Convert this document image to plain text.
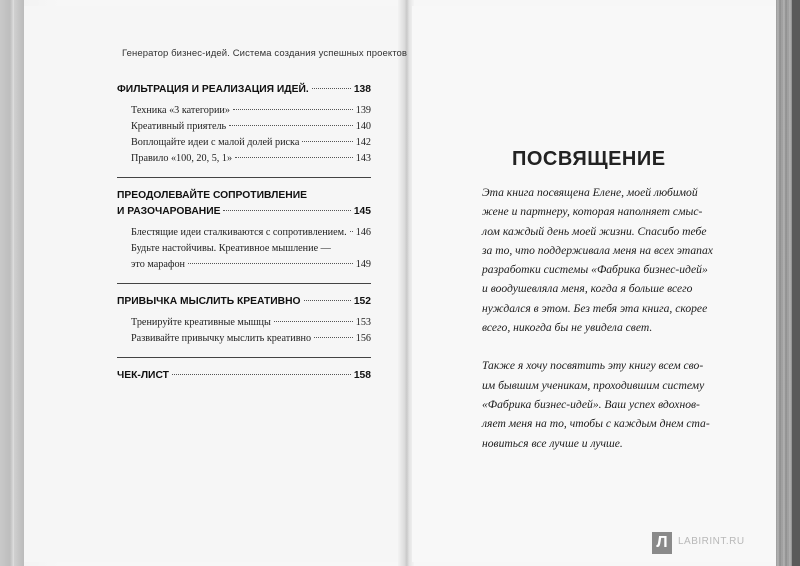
Генератор бизнес-идей. Система создания успешных проектов
ФИЛЬТРАЦИЯ И РЕАЛИЗАЦИЯ ИДЕЙ.	138
Техника «3 категории»	139
Креативный приятель	140
Воплощайте идеи с малой долей риска	142
Правило «100, 20, 5, 1»	143
ПРЕОДОЛЕВАЙТЕ СОПРОТИВЛЕНИЕ
И РАЗОЧАРОВАНИЕ	145
Блестящие идеи сталкиваются с сопротивлением. 146
Будьте настойчивы. Креативное мышление —
это марафон	149
ПРИВЫЧКА МЫСЛИТЬ КРЕАТИВНО	152
Тренируйте креативные мышцы	153
Развивайте привычку мыслить креативно	156
ЧЕК-ЛИСТ	158
ПОСВЯЩЕНИЕ

Эта книга посвящена Елене, моей любимой

жене и партнеру, которая наполняет смыс-

лом каждый день моей жизни. Спасибо тебе

за то, что поддерживала меня на всех этапах

разработки системы «Фабрика бизнес-идей»

и воодушевляла меня, когда я больше всего

нуждался в этом. Без тебя эта книга, скорее

всего, никогда бы не увидела свет.

Также я хочу посвятить эту книгу всем сво-

им бывшим ученикам, проходившим систему

«Фабрика бизнес-идей». Ваш успех вдохнов-

ляет меня на то, чтобы с каждым днем ста-

новиться все лучше и лучше.

Л	LABIRINT.RU
